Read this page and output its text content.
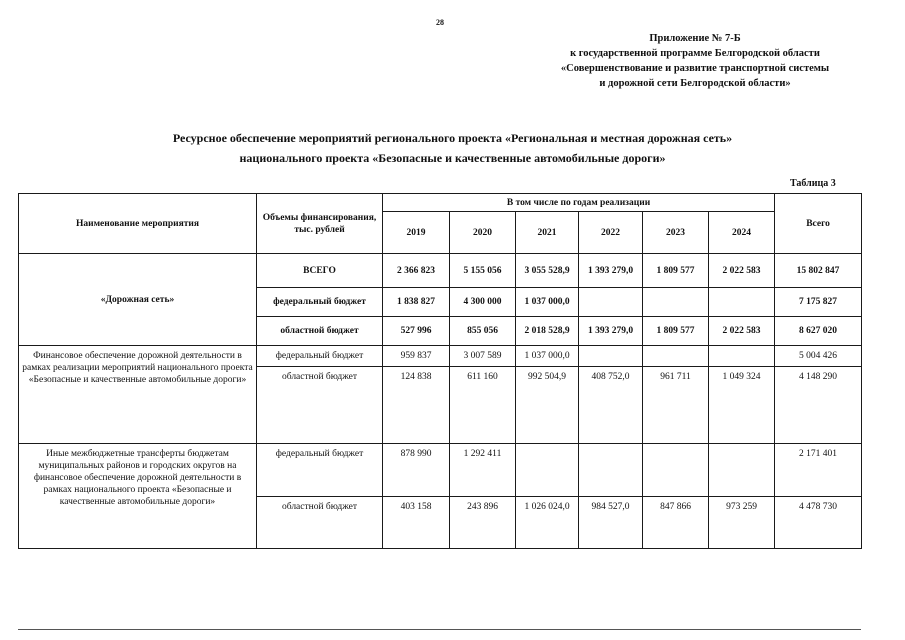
28
Приложение № 7-Б
к государственной программе Белгородской области
«Совершенствование и развитие транспортной системы
и дорожной сети Белгородской области»
Ресурсное обеспечение мероприятий регионального проекта «Региональная и местная дорожная сеть»
национального проекта «Безопасные и качественные автомобильные дороги»
Таблица 3
Наименование мероприятия	Объемы финансирования, тыс. рублей	В том числе по годам реализации						Всего
		2019	2020	2021	2022	2023	2024	
«Дорожная сеть»	ВСЕГО	2 366 823	5 155 056	3 055 528,9	1 393 279,0	1 809 577	2 022 583	15 802 847
	федеральный бюджет	1 838 827	4 300 000	1 037 000,0				7 175 827
	областной бюджет	527 996	855 056	2 018 528,9	1 393 279,0	1 809 577	2 022 583	8 627 020
Финансовое обеспечение дорожной деятельности в рамках реализации мероприятий национального проекта «Безопасные и качественные автомобильные дороги»	федеральный бюджет	959 837	3 007 589	1 037 000,0				5 004 426
	областной бюджет	124 838	611 160	992 504,9	408 752,0	961 711	1 049 324	4 148 290
Иные межбюджетные трансферты бюджетам муниципальных районов и городских округов на финансовое обеспечение дорожной деятельности в рамках национального проекта «Безопасные и качественные автомобильные дороги»	федеральный бюджет	878 990	1 292 411					2 171 401
	областной бюджет	403 158	243 896	1 026 024,0	984 527,0	847 866	973 259	4 478 730
